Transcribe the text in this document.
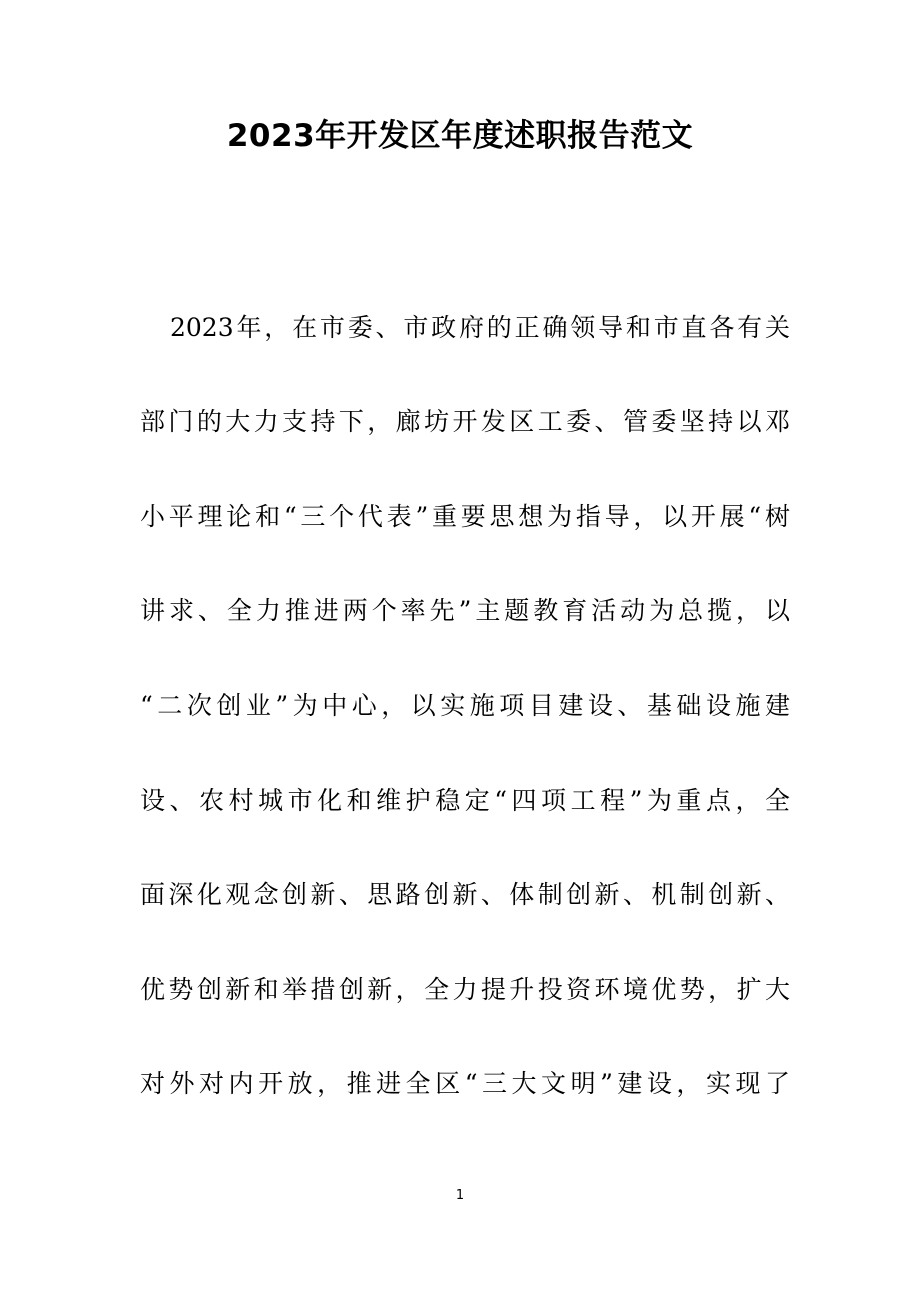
2023年开发区年度述职报告范文
2023年，在市委、市政府的正确领导和市直各有关
部门的大力支持下，廊坊开发区工委、管委坚持以邓
小平理论和“三个代表”重要思想为指导，以开展“树
讲求、全力推进两个率先”主题教育活动为总揽，以
“二次创业”为中心，以实施项目建设、基础设施建
设、农村城市化和维护稳定“四项工程”为重点，全
面深化观念创新、思路创新、体制创新、机制创新、
优势创新和举措创新，全力提升投资环境优势，扩大
对外对内开放，推进全区“三大文明”建设，实现了
1
